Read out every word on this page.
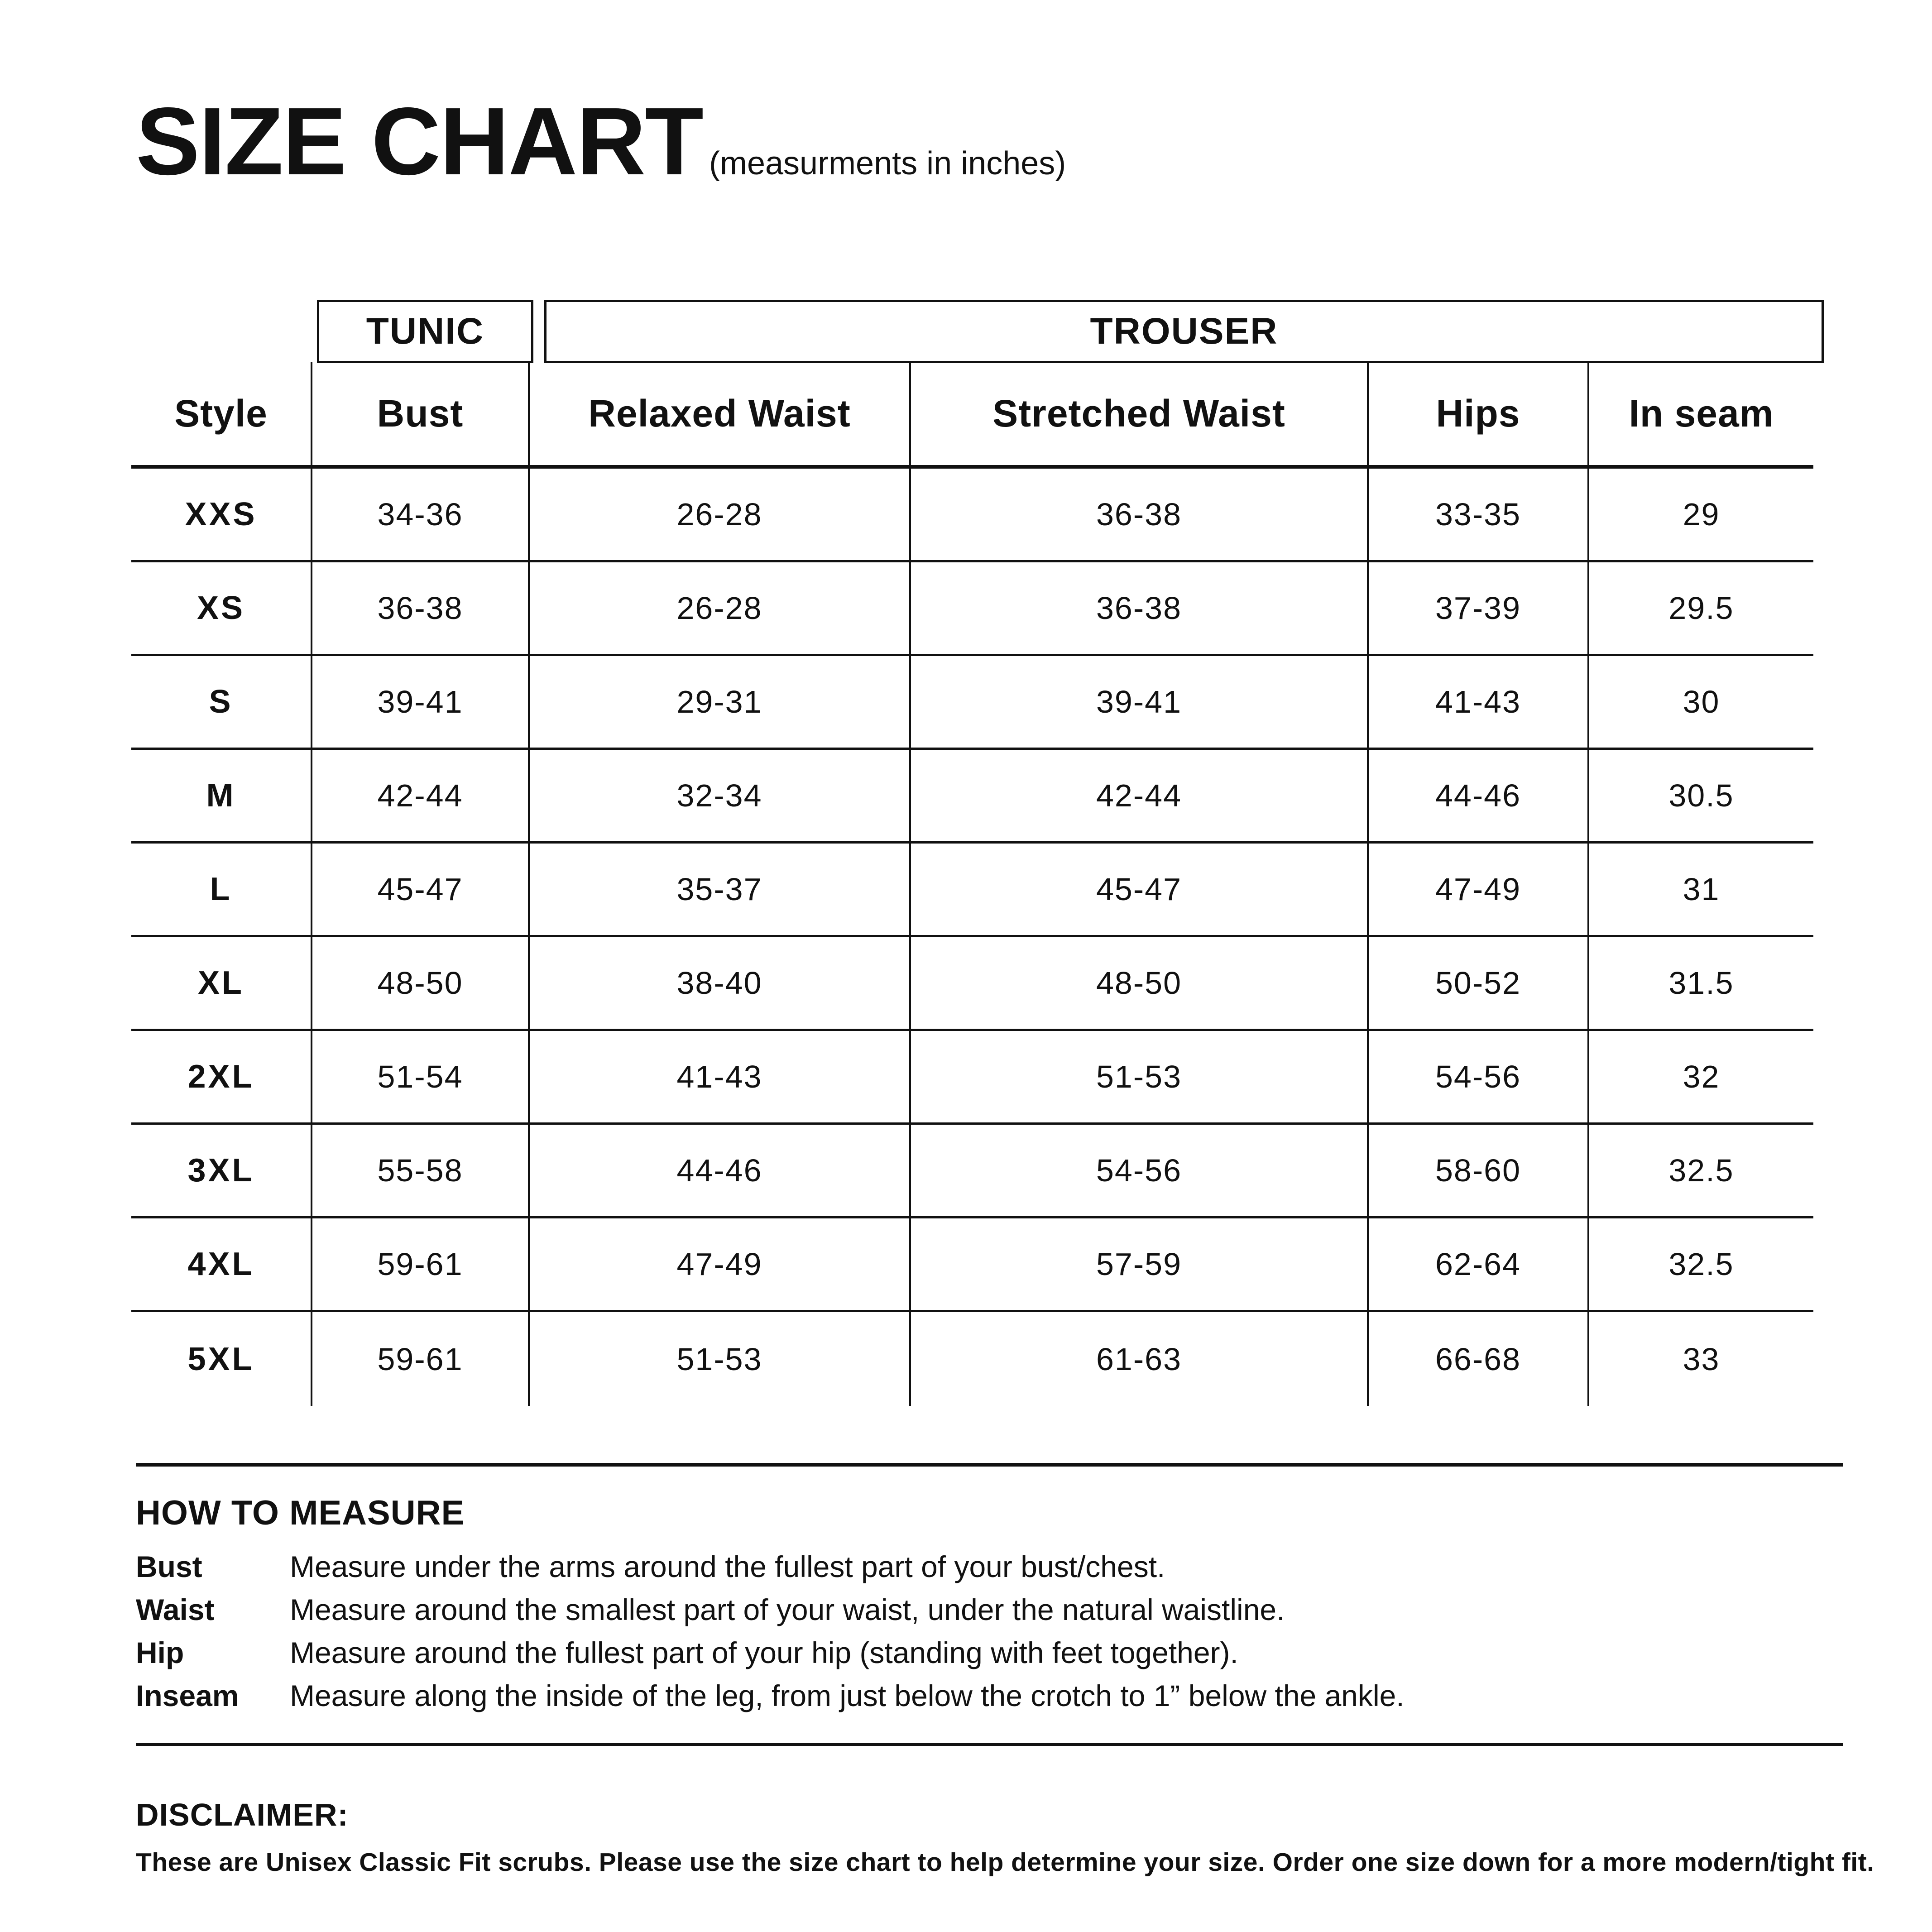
SIZE CHART (measurments in inches)
TUNIC	TROUSER
Style	Bust	Relaxed Waist	Stretched Waist	Hips	In seam
XXS	34-36	26-28	36-38	33-35	29
XS	36-38	26-28	36-38	37-39	29.5
S	39-41	29-31	39-41	41-43	30
M	42-44	32-34	42-44	44-46	30.5
L	45-47	35-37	45-47	47-49	31
XL	48-50	38-40	48-50	50-52	31.5
2XL	51-54	41-43	51-53	54-56	32
3XL	55-58	44-46	54-56	58-60	32.5
4XL	59-61	47-49	57-59	62-64	32.5
5XL	59-61	51-53	61-63	66-68	33
HOW TO MEASURE
Bust	Measure under the arms around the fullest part of your bust/chest.
Waist	Measure around the smallest part of your waist, under the natural waistline.
Hip	Measure around the fullest part of your hip (standing with feet together).
Inseam	Measure along the inside of the leg, from just below the crotch to 1” below the ankle.
DISCLAIMER:

These are Unisex Classic Fit scrubs. Please use the size chart to help determine your size. Order one size down for a more modern/tight fit.
